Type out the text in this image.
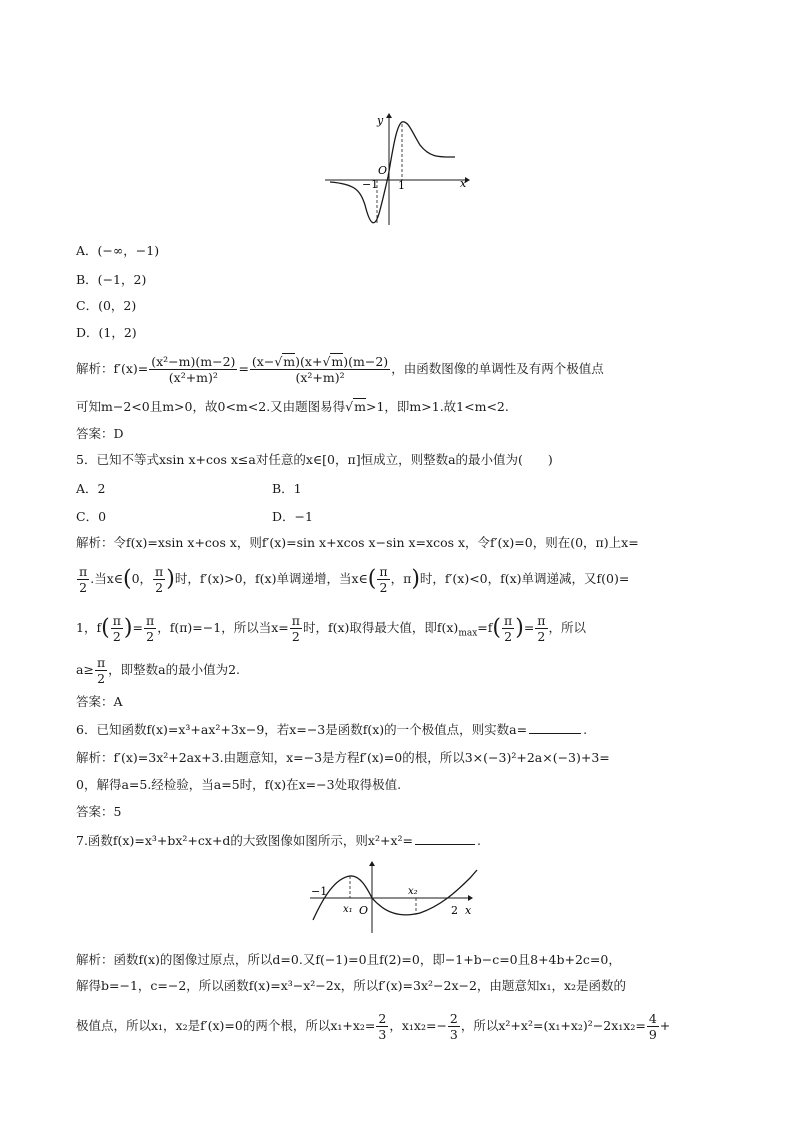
y
x
O
−1 1
A．(−∞，−1)
B．(−1，2)
C．(0，2)
D．(1，2)
解析：$f'(x)= \frac{\text{(x²−m)(m−2)}}{\text{(x²+m)²}} = \frac{(x-√m)(x+√m)(m-2)}{\text{(x²+m)²}}$ ，由函数图像的单调性及有两个极值点
可知m−2<0且m>0，故0<m<2.又由题图易得√m>1，即m>1.故1<m<2.
答案：D
5．已知不等式xsin x+cos x≤a对任意的x∈[0，π]恒成立，则整数a的最小值为(　　)
A．2	B．1
C．0	D．−1
解析：令f(x)=xsin x+cos x，则f′(x)=sin x+xcos x−sin x=xcos x，令f′(x)=0，则在(0，π)上x=
$\frac{\pi}{2}$ .当x∈(0， $\frac{\pi}{2}$ )时，f′(x)>0，f(x)单调递增，当x∈( $\frac{\pi}{2}$ ，π)时，f′(x)<0，f(x)单调递减，又f(0)=
1，$f( \frac{\pi}{2}$ )= $\frac{\pi}{2}$ ，f(π)=−1，所以当$x= \frac{\pi}{2}$ 时，f(x)取得最大值，即$f(x)_{max}=f( \frac{\pi}{2}$ )= $\frac{\pi}{2}$ ，所以
$a\ge \frac{\pi}{2}$ ，即整数a的最小值为2.
答案：A
6．已知函数f(x)=x³+ax²+3x−9，若x=−3是函数f(x)的一个极值点，则实数a=	.
解析：f′(x)=3x²+2ax+3.由题意知，x=−3是方程f′(x)=0的根，所以3×(−3)²+2a×(−3)+3=
0，解得a=5.经检验，当a=5时，f(x)在x=−3处取得极值.
答案：5
7.函数f(x)=x³+bx²+cx+d的大致图像如图所示，则x²+x²=	.
−1
x₁ O
x₂
2 x
解析：函数f(x)的图像过原点，所以d=0.又f(−1)=0且f(2)=0，即−1+b−c=0且8+4b+2c=0，
解得b=−1，c=−2，所以函数f(x)=x³−x²−2x，所以f′(x)=3x²−2x−2，由题意知x₁，x₂是函数的
极值点，所以x₁，x₂是f′(x)=0的两个根，所以$x_1+x_2= \frac{2}{3}$ ，$x_1x_2=- \frac{2}{3}$ ，所以$x^2+x^2=(x_1+x_2)^2-2x_1x_2= \frac{4}{9}$ +
